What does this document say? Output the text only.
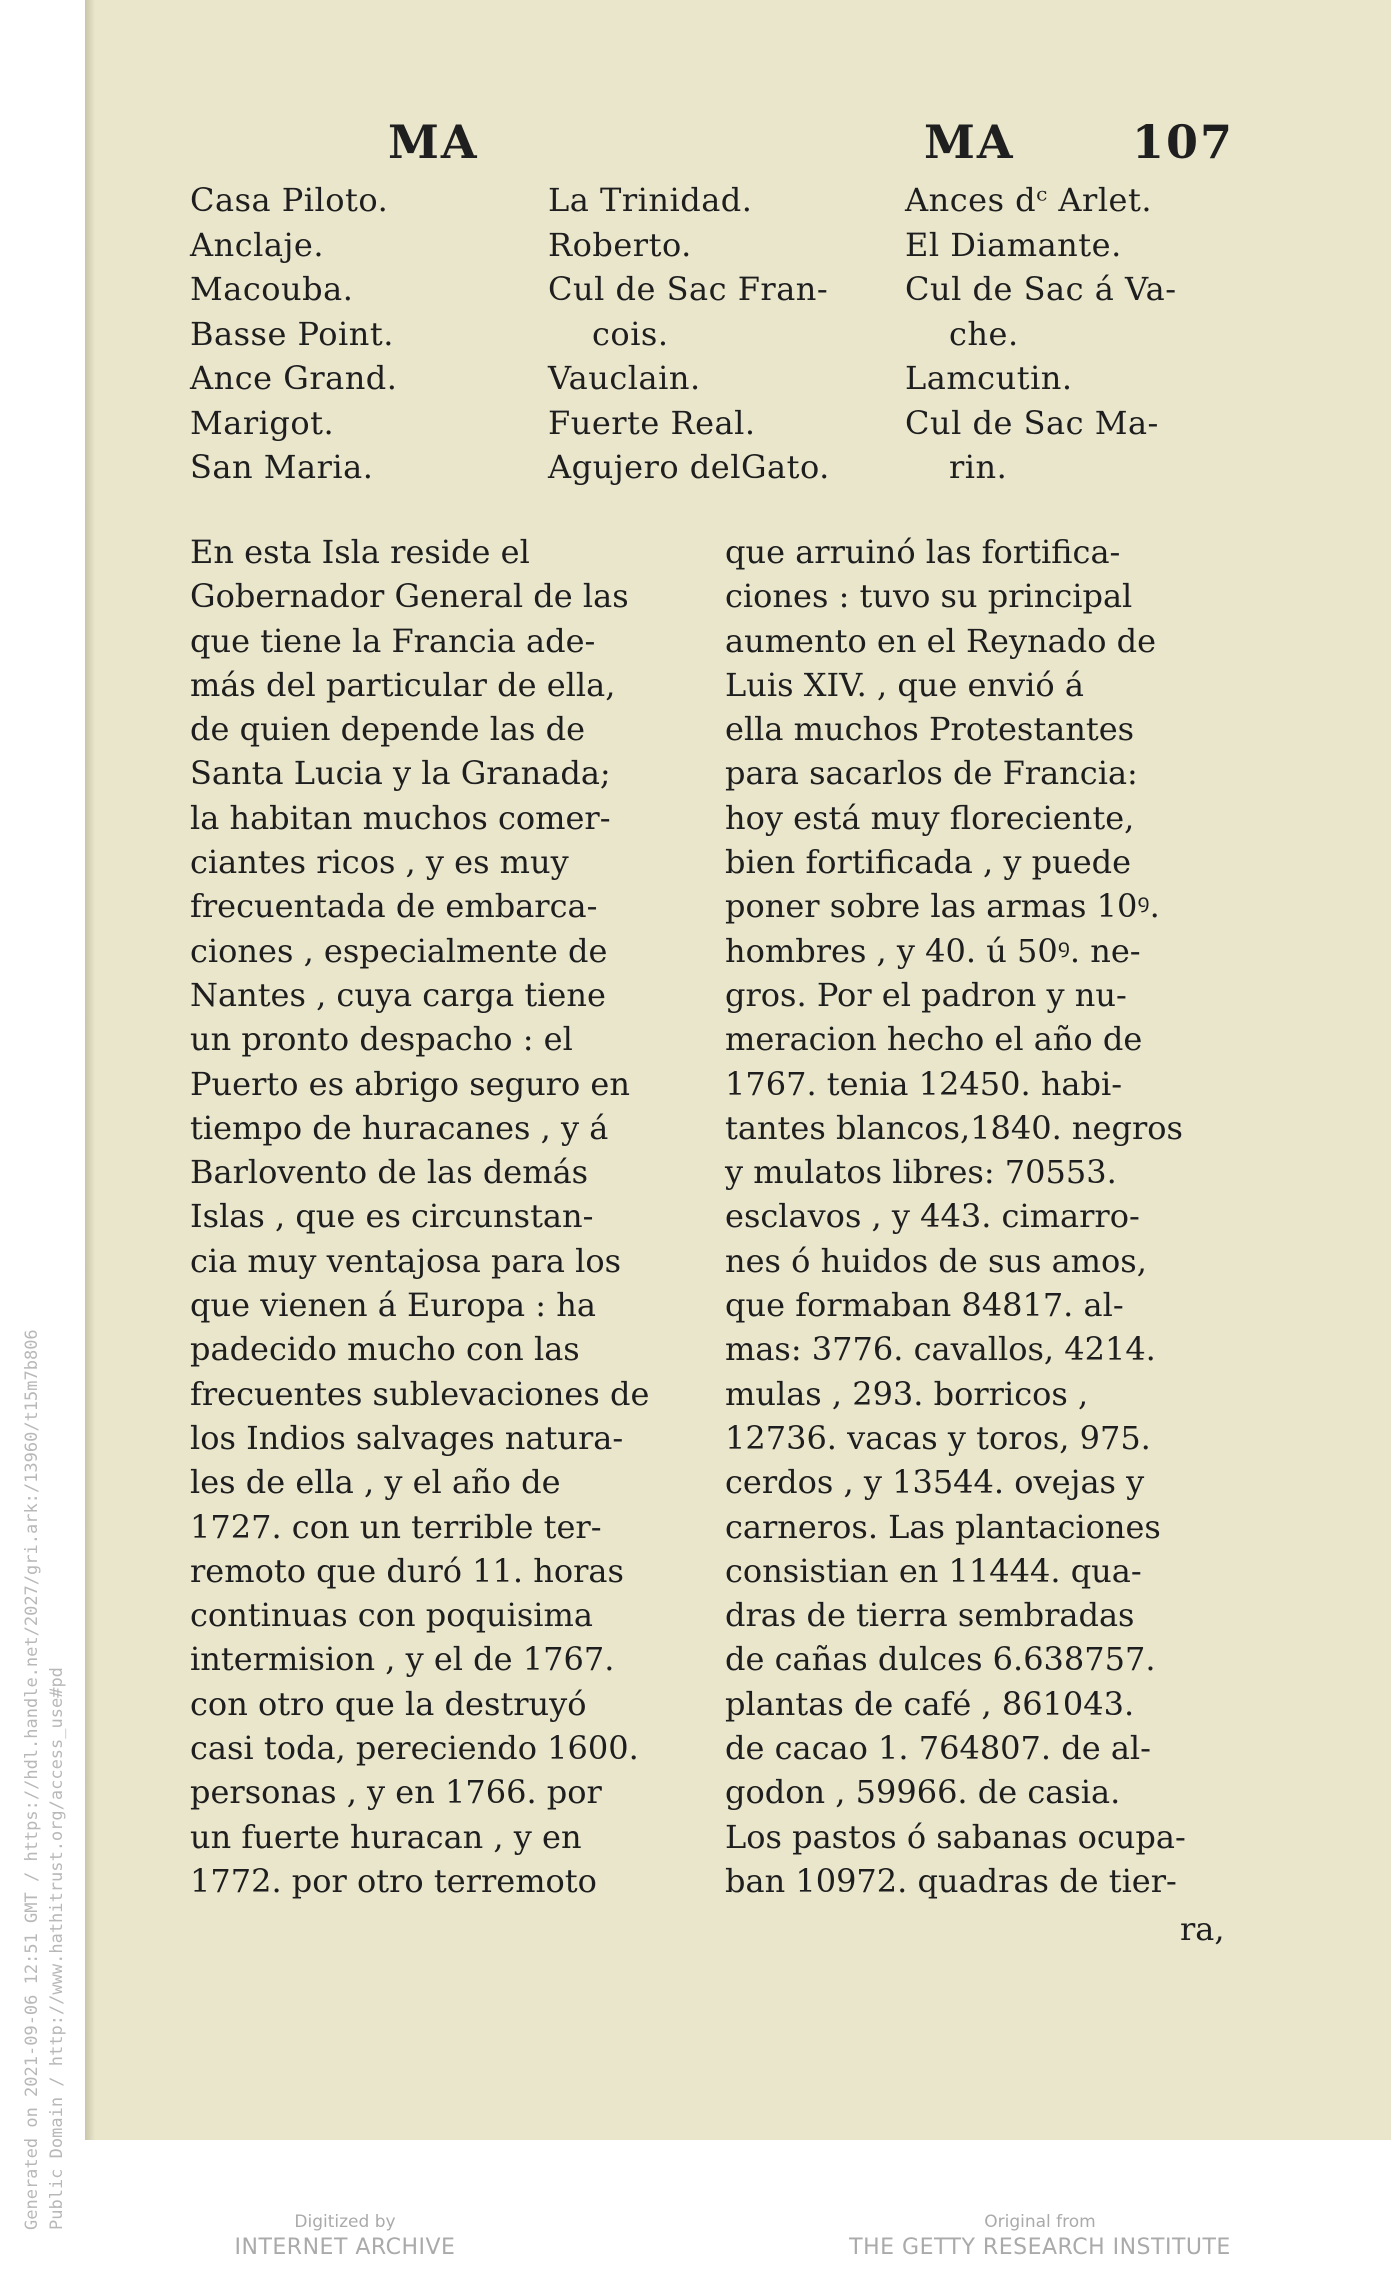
Generated on 2021-09-06 12:51 GMT / https://hdl.handle.net/2027/gri.ark:/13960/t15m7b806 Public Domain / http://www.hathitrust.org/access_use#pd
MA	MA	107
Casa Piloto.
Anclaje.
Macouba.
Basse Point.
Ance Grand.
Marigot.
San Maria.
La Trinidad.
Roberto.
Cul de Sac Fran-
cois.
Vauclain.
Fuerte Real.
Agujero delGato.
Ances dᶜ Arlet.
El Diamante.
Cul de Sac á Va-
che.
Lamcutin.
Cul de Sac Ma-
rin.
En esta Isla reside el
Gobernador General de las
que tiene la Francia ade-
más del particular de ella,
de quien depende las de
Santa Lucia y la Granada;
la habitan muchos comer-
ciantes ricos , y es muy
frecuentada de embarca-
ciones , especialmente de
Nantes , cuya carga tiene
un pronto despacho : el
Puerto es abrigo seguro en
tiempo de huracanes , y á
Barlovento de las demás
Islas , que es circunstan-
cia muy ventajosa para los
que vienen á Europa : ha
padecido mucho con las
frecuentes sublevaciones de
los Indios salvages natura-
les de ella , y el año de
1727. con un terrible ter-
remoto que duró 11. horas
continuas con poquisima
intermision , y el de 1767.
con otro que la destruyó
casi toda, pereciendo 1600.
personas , y en 1766. por
un fuerte huracan , y en
1772. por otro terremoto
que arruinó las fortifica-
ciones : tuvo su principal
aumento en el Reynado de
Luis XIV. , que envió á
ella muchos Protestantes
para sacarlos de Francia:
hoy está muy floreciente,
bien fortificada , y puede
poner sobre las armas 10ꝰ.
hombres , y 40. ú 50ꝰ. ne-
gros. Por el padron y nu-
meracion hecho el año de
1767. tenia 12450. habi-
tantes blancos,1840. negros
y mulatos libres: 70553.
esclavos , y 443. cimarro-
nes ó huidos de sus amos,
que formaban 84817. al-
mas: 3776. cavallos, 4214.
mulas , 293. borricos ,
12736. vacas y toros, 975.
cerdos , y 13544. ovejas y
carneros. Las plantaciones
consistian en 11444. qua-
dras de tierra sembradas
de cañas dulces 6.638757.
plantas de café , 861043.
de cacao 1. 764807. de al-
godon , 59966. de casia.
Los pastos ó sabanas ocupa-
ban 10972. quadras de tier-
ra,
Digitized by
INTERNET ARCHIVE
Original from
THE GETTY RESEARCH INSTITUTE
